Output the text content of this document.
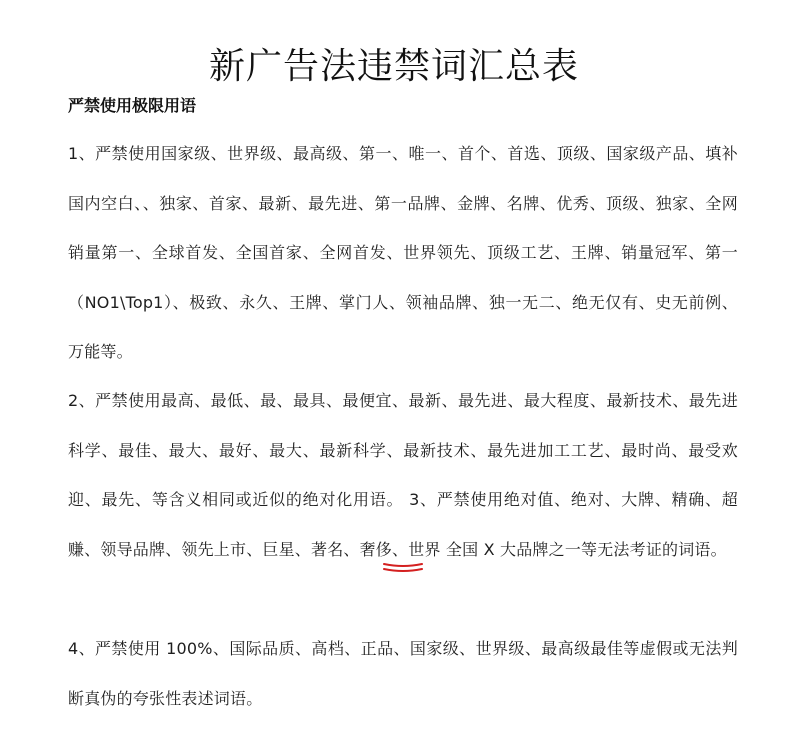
新广告法违禁词汇总表
严禁使用极限用语

1、严禁使用国家级、世界级、最高级、第一、唯一、首个、首选、顶级、国家级产品、填补国内空白、、独家、首家、最新、最先进、第一品牌、金牌、名牌、优秀、顶级、独家、全网销量第一、全球首发、全国首家、全网首发、世界领先、顶级工艺、王牌、销量冠军、第一（NO1\Top1）、极致、永久、王牌、掌门人、领袖品牌、独一无二、绝无仅有、史无前例、万能等。

2、严禁使用最高、最低、最、最具、最便宜、最新、最先进、最大程度、最新技术、最先进科学、最佳、最大、最好、最大、最新科学、最新技术、最先进加工工艺、最时尚、最受欢迎、最先、等含义相同或近似的绝对化用语。 3、严禁使用绝对值、绝对、大牌、精确、超赚、领导品牌、领先上市、巨星、著名、奢侈、世界 全国 X 大品牌之一等无法考证的词语。

4、严禁使用 100%、国际品质、高档、正品、国家级、世界级、最高级最佳等虚假或无法判断真伪的夸张性表述词语。
